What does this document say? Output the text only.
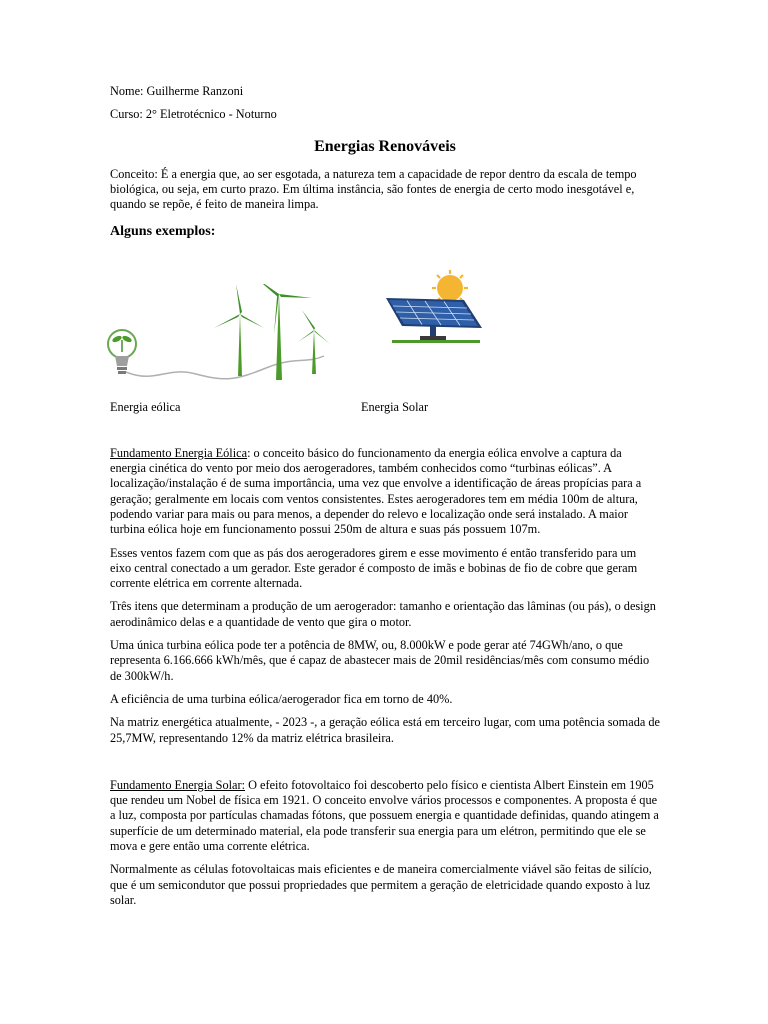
Nome: Guilherme Ranzoni
Curso: 2° Eletrotécnico - Noturno
Energias Renováveis

Conceito: É a energia que, ao ser esgotada, a natureza tem a capacidade de repor dentro da escala de tempo biológica, ou seja, em curto prazo. Em última instância, são fontes de energia de certo modo inesgotável e, quando se repõe, é feito de maneira limpa.

Alguns exemplos:
Energia eólica	Energia Solar

Fundamento Energia Eólica: o conceito básico do funcionamento da energia eólica envolve a captura da energia cinética do vento por meio dos aerogeradores, também conhecidos como “turbinas eólicas”. A localização/instalação é de suma importância, uma vez que envolve a identificação de áreas propícias para a geração; geralmente em locais com ventos consistentes. Estes aerogeradores tem em média 100m de altura, podendo variar para mais ou para menos, a depender do relevo e localização onde será instalado. A maior turbina eólica hoje em funcionamento possui 250m de altura e suas pás possuem 107m.

Esses ventos fazem com que as pás dos aerogeradores girem e esse movimento é então transferido para um eixo central conectado a um gerador. Este gerador é composto de imãs e bobinas de fio de cobre que geram corrente elétrica em corrente alternada.

Três itens que determinam a produção de um aerogerador: tamanho e orientação das lâminas (ou pás), o design aerodinâmico delas e a quantidade de vento que gira o motor.

Uma única turbina eólica pode ter a potência de 8MW, ou, 8.000kW e pode gerar até 74GWh/ano, o que representa 6.166.666 kWh/mês, que é capaz de abastecer mais de 20mil residências/mês com consumo médio de 300kW/h.

A eficiência de uma turbina eólica/aerogerador fica em torno de 40%.

Na matriz energética atualmente, - 2023 -, a geração eólica está em terceiro lugar, com uma potência somada de 25,7MW, representando 12% da matriz elétrica brasileira.

Fundamento Energia Solar: O efeito fotovoltaico foi descoberto pelo físico e cientista Albert Einstein em 1905 que rendeu um Nobel de física em 1921. O conceito envolve vários processos e componentes. A proposta é que a luz, composta por partículas chamadas fótons, que possuem energia e quantidade definidas, quando atingem a superfície de um determinado material, ela pode transferir sua energia para um elétron, permitindo que ele se mova e gere então uma corrente elétrica.

Normalmente as células fotovoltaicas mais eficientes e de maneira comercialmente viável são feitas de silício, que é um semicondutor que possui propriedades que permitem a geração de eletricidade quando exposto à luz solar.
